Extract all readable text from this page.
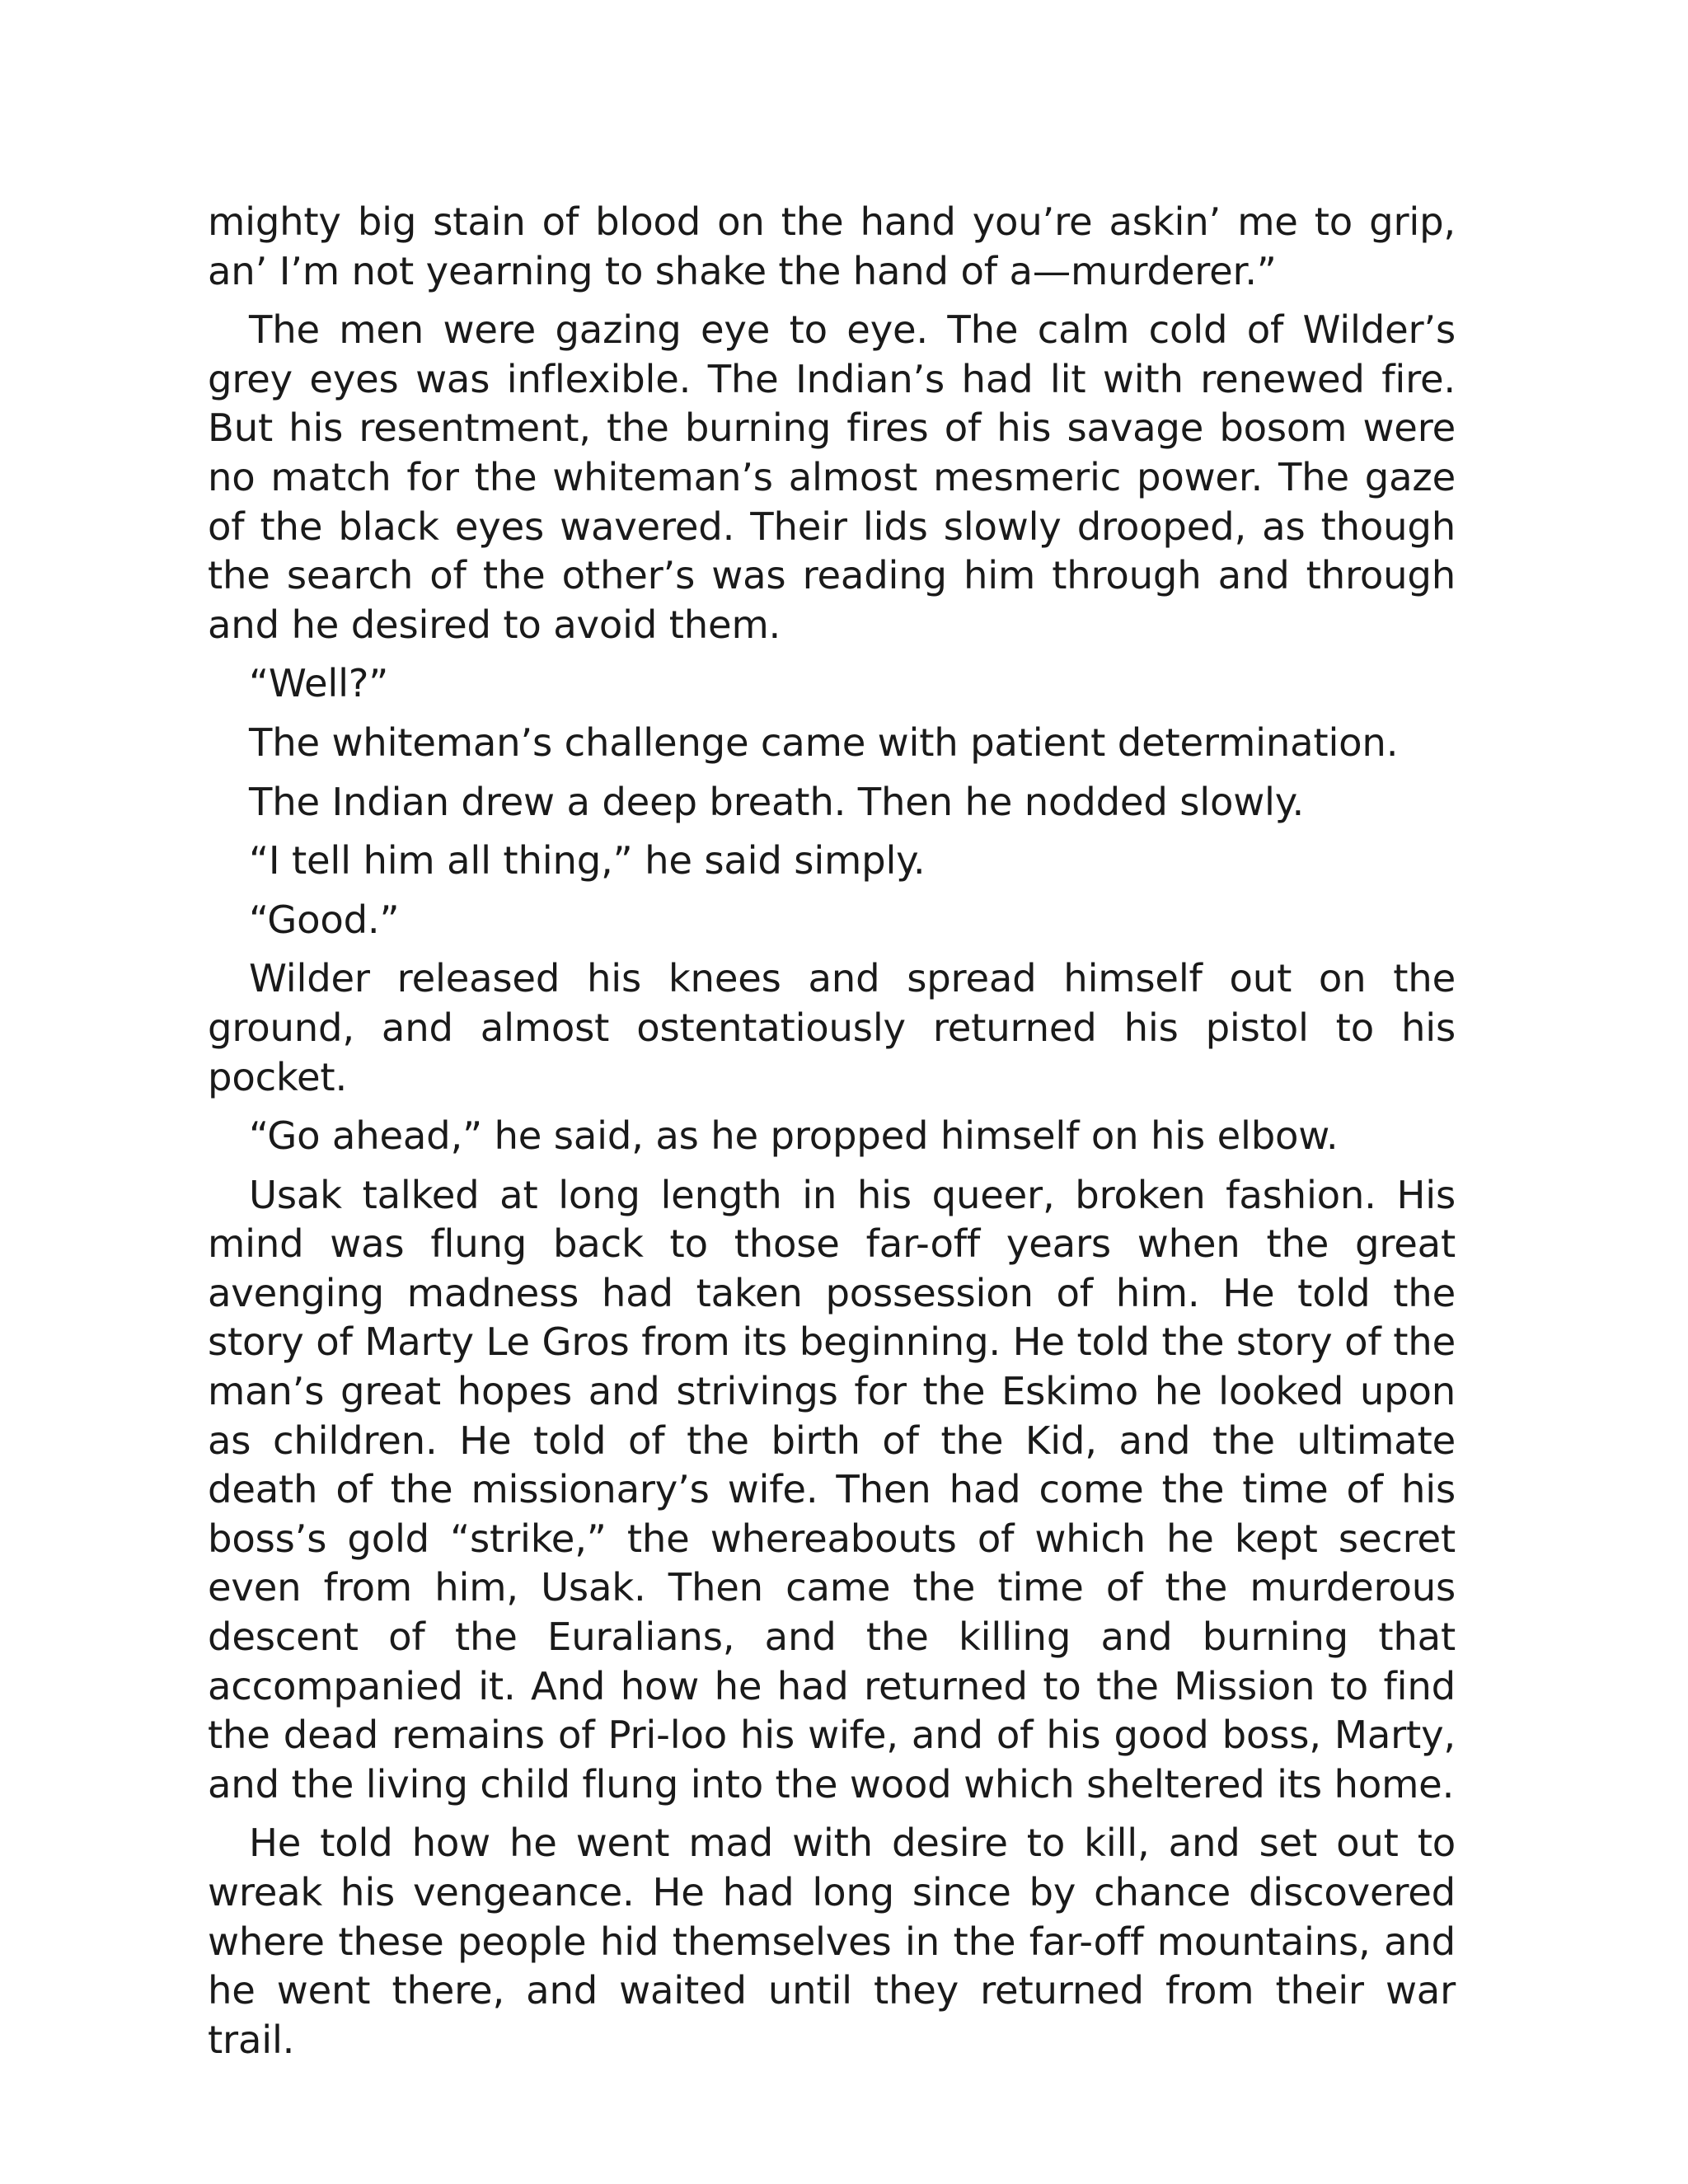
mighty big stain of blood on the hand you’re askin’ me to grip, an’ I’m not yearning to shake the hand of a—murderer.”

The men were gazing eye to eye. The calm cold of Wilder’s grey eyes was inflexible. The Indian’s had lit with renewed fire. But his resentment, the burning fires of his savage bosom were no match for the whiteman’s almost mesmeric power. The gaze of the black eyes wavered. Their lids slowly drooped, as though the search of the other’s was reading him through and through and he desired to avoid them.

“Well?”

The whiteman’s challenge came with patient determination.

The Indian drew a deep breath. Then he nodded slowly.

“I tell him all thing,” he said simply.

“Good.”

Wilder released his knees and spread himself out on the ground, and almost ostentatiously returned his pistol to his pocket.

“Go ahead,” he said, as he propped himself on his elbow.

Usak talked at long length in his queer, broken fashion. His mind was flung back to those far-off years when the great avenging madness had taken possession of him. He told the story of Marty Le Gros from its beginning. He told the story of the man’s great hopes and strivings for the Eskimo he looked upon as children. He told of the birth of the Kid, and the ultimate death of the missionary’s wife. Then had come the time of his boss’s gold “strike,” the whereabouts of which he kept secret even from him, Usak. Then came the time of the murderous descent of the Euralians, and the killing and burning that accompanied it. And how he had returned to the Mission to find the dead remains of Pri-loo his wife, and of his good boss, Marty, and the living child flung into the wood which sheltered its home.

He told how he went mad with desire to kill, and set out to wreak his vengeance. He had long since by chance discovered where these people hid themselves in the far-off mountains, and he went there, and waited until they returned from their war trail.
